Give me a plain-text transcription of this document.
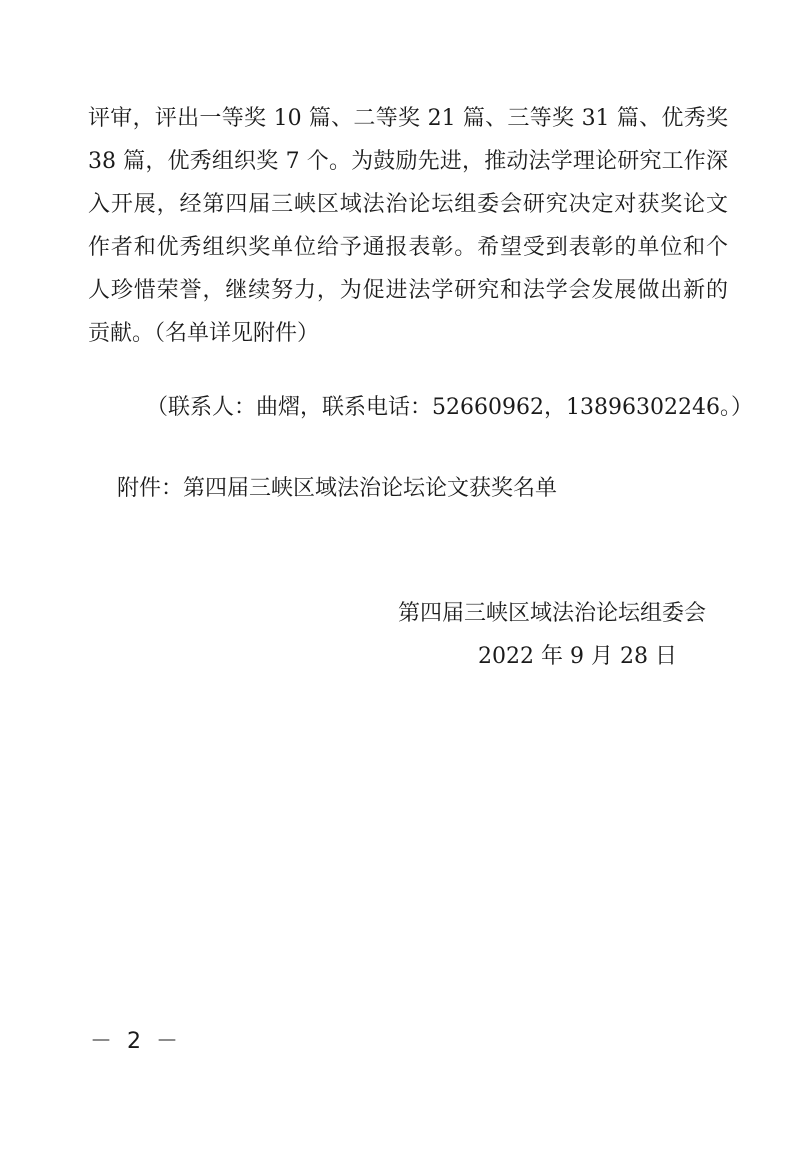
评审，评出一等奖 10 篇、二等奖 21 篇、三等奖 31 篇、优秀奖
38 篇，优秀组织奖 7 个。为鼓励先进，推动法学理论研究工作深
入开展，经第四届三峡区域法治论坛组委会研究决定对获奖论文
作者和优秀组织奖单位给予通报表彰。希望受到表彰的单位和个
人珍惜荣誉，继续努力，为促进法学研究和法学会发展做出新的
贡献。（名单详见附件）
（联系人：曲熠，联系电话：52660962，13896302246。）
附件：第四届三峡区域法治论坛论文获奖名单
第四届三峡区域法治论坛组委会
2022 年 9 月 28 日
－ 2 －
